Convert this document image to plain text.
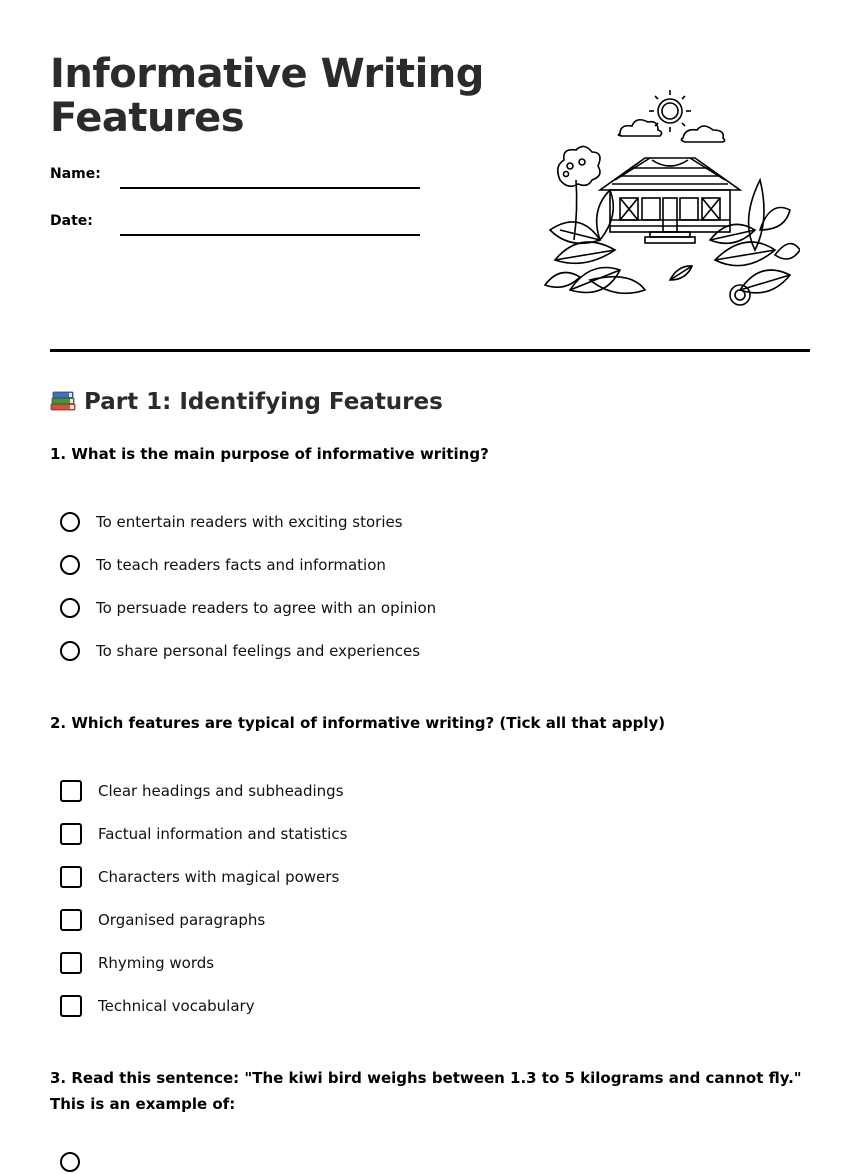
Informative Writing
Features
Name:
Date:
Part 1: Identifying Features

1. What is the main purpose of informative writing?

To entertain readers with exciting stories
To teach readers facts and information
To persuade readers to agree with an opinion
To share personal feelings and experiences

2. Which features are typical of informative writing? (Tick all that apply)

Clear headings and subheadings
Factual information and statistics
Characters with magical powers
Organised paragraphs
Rhyming words
Technical vocabulary

3. Read this sentence: "The kiwi bird weighs between 1.3 to 5 kilograms and cannot fly." This is an example of:
